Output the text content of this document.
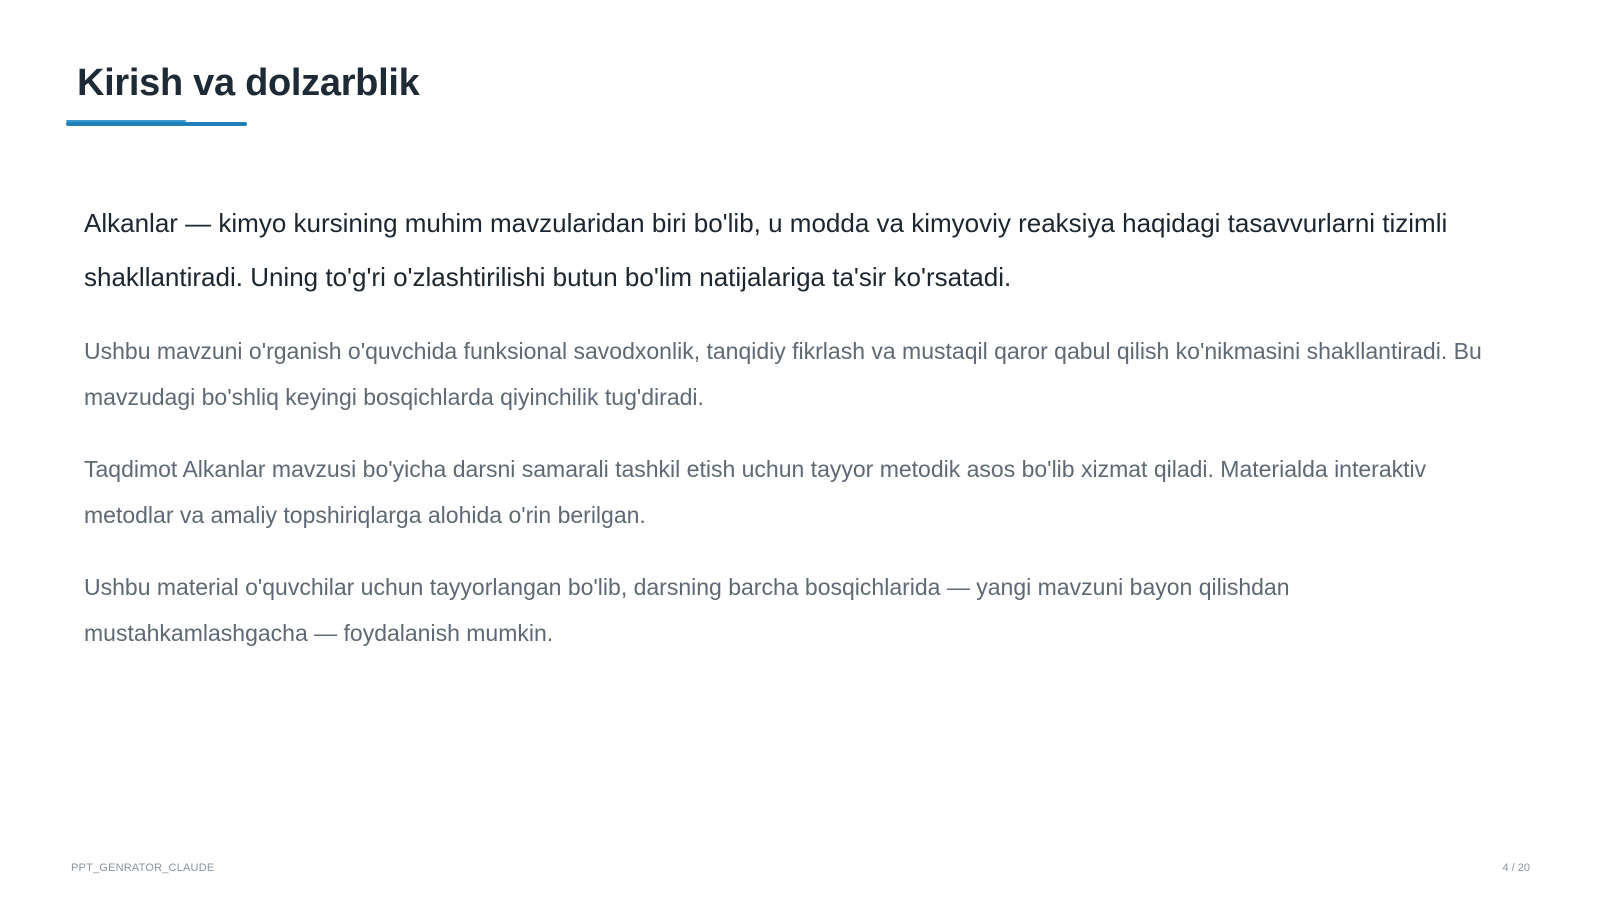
Kirish va dolzarblik

Alkanlar — kimyo kursining muhim mavzularidan biri bo'lib, u modda va kimyoviy reaksiya haqidagi tasavvurlarni tizimli shakllantiradi. Uning to'g'ri o'zlashtirilishi butun bo'lim natijalariga ta'sir ko'rsatadi.

Ushbu mavzuni o'rganish o'quvchida funksional savodxonlik, tanqidiy fikrlash va mustaqil qaror qabul qilish ko'nikmasini shakllantiradi. Bu mavzudagi bo'shliq keyingi bosqichlarda qiyinchilik tug'diradi.

Taqdimot Alkanlar mavzusi bo'yicha darsni samarali tashkil etish uchun tayyor metodik asos bo'lib xizmat qiladi. Materialda interaktiv metodlar va amaliy topshiriqlarga alohida o'rin berilgan.

Ushbu material o'quvchilar uchun tayyorlangan bo'lib, darsning barcha bosqichlarida — yangi mavzuni bayon qilishdan mustahkamlashgacha — foydalanish mumkin.

PPT_GENRATOR_CLAUDE	4 / 20
